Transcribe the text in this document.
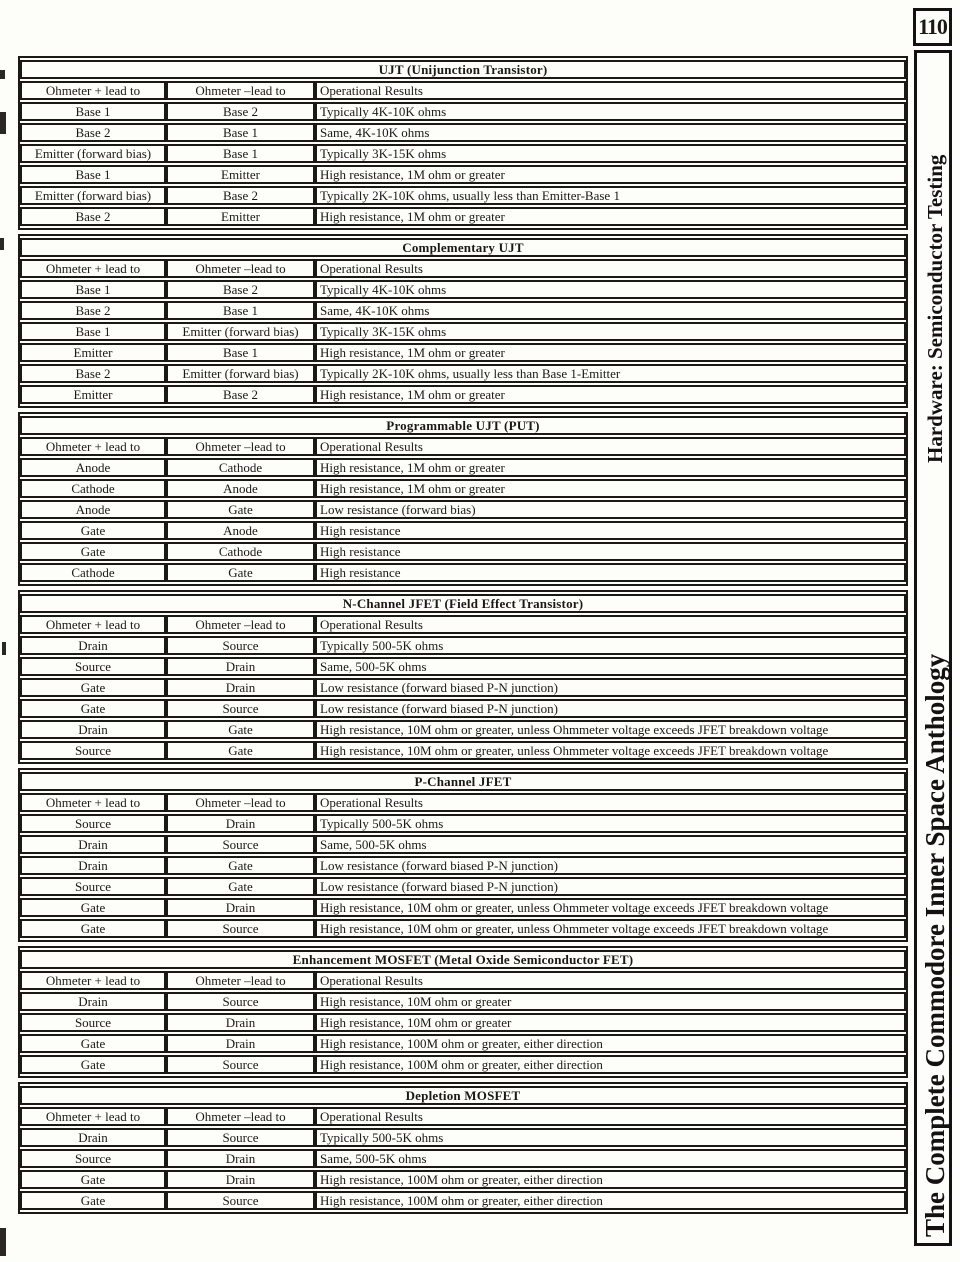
UJT (Unijunction Transistor)		
Ohmeter + lead to	Ohmeter –lead to	Operational Results
Base 1	Base 2	Typically 4K-10K ohms
Base 2	Base 1	Same, 4K-10K ohms
Emitter (forward bias)	Base 1	Typically 3K-15K ohms
Base 1	Emitter	High resistance, 1M ohm or greater
Emitter (forward bias)	Base 2	Typically 2K-10K ohms, usually less than Emitter-Base 1
Base 2	Emitter	High resistance, 1M ohm or greater
Complementary UJT		
Ohmeter + lead to	Ohmeter –lead to	Operational Results
Base 1	Base 2	Typically 4K-10K ohms
Base 2	Base 1	Same, 4K-10K ohms
Base 1	Emitter (forward bias)	Typically 3K-15K ohms
Emitter	Base 1	High resistance, 1M ohm or greater
Base 2	Emitter (forward bias)	Typically 2K-10K ohms, usually less than Base 1-Emitter
Emitter	Base 2	High resistance, 1M ohm or greater
Programmable UJT (PUT)		
Ohmeter + lead to	Ohmeter –lead to	Operational Results
Anode	Cathode	High resistance, 1M ohm or greater
Cathode	Anode	High resistance, 1M ohm or greater
Anode	Gate	Low resistance (forward bias)
Gate	Anode	High resistance
Gate	Cathode	High resistance
Cathode	Gate	High resistance
N-Channel JFET (Field Effect Transistor)		
Ohmeter + lead to	Ohmeter –lead to	Operational Results
Drain	Source	Typically 500-5K ohms
Source	Drain	Same, 500-5K ohms
Gate	Drain	Low resistance (forward biased P-N junction)
Gate	Source	Low resistance (forward biased P-N junction)
Drain	Gate	High resistance, 10M ohm or greater, unless Ohmmeter voltage exceeds JFET breakdown voltage
Source	Gate	High resistance, 10M ohm or greater, unless Ohmmeter voltage exceeds JFET breakdown voltage
P-Channel JFET		
Ohmeter + lead to	Ohmeter –lead to	Operational Results
Source	Drain	Typically 500-5K ohms
Drain	Source	Same, 500-5K ohms
Drain	Gate	Low resistance (forward biased P-N junction)
Source	Gate	Low resistance (forward biased P-N junction)
Gate	Drain	High resistance, 10M ohm or greater, unless Ohmmeter voltage exceeds JFET breakdown voltage
Gate	Source	High resistance, 10M ohm or greater, unless Ohmmeter voltage exceeds JFET breakdown voltage
Enhancement MOSFET (Metal Oxide Semiconductor FET)		
Ohmeter + lead to	Ohmeter –lead to	Operational Results
Drain	Source	High resistance, 10M ohm or greater
Source	Drain	High resistance, 10M ohm or greater
Gate	Drain	High resistance, 100M ohm or greater, either direction
Gate	Source	High resistance, 100M ohm or greater, either direction
Depletion MOSFET		
Ohmeter + lead to	Ohmeter –lead to	Operational Results
Drain	Source	Typically 500-5K ohms
Source	Drain	Same, 500-5K ohms
Gate	Drain	High resistance, 100M ohm or greater, either direction
Gate	Source	High resistance, 100M ohm or greater, either direction
110
Hardware: Semiconductor Testing
The Complete Commodore Inner Space Anthology
